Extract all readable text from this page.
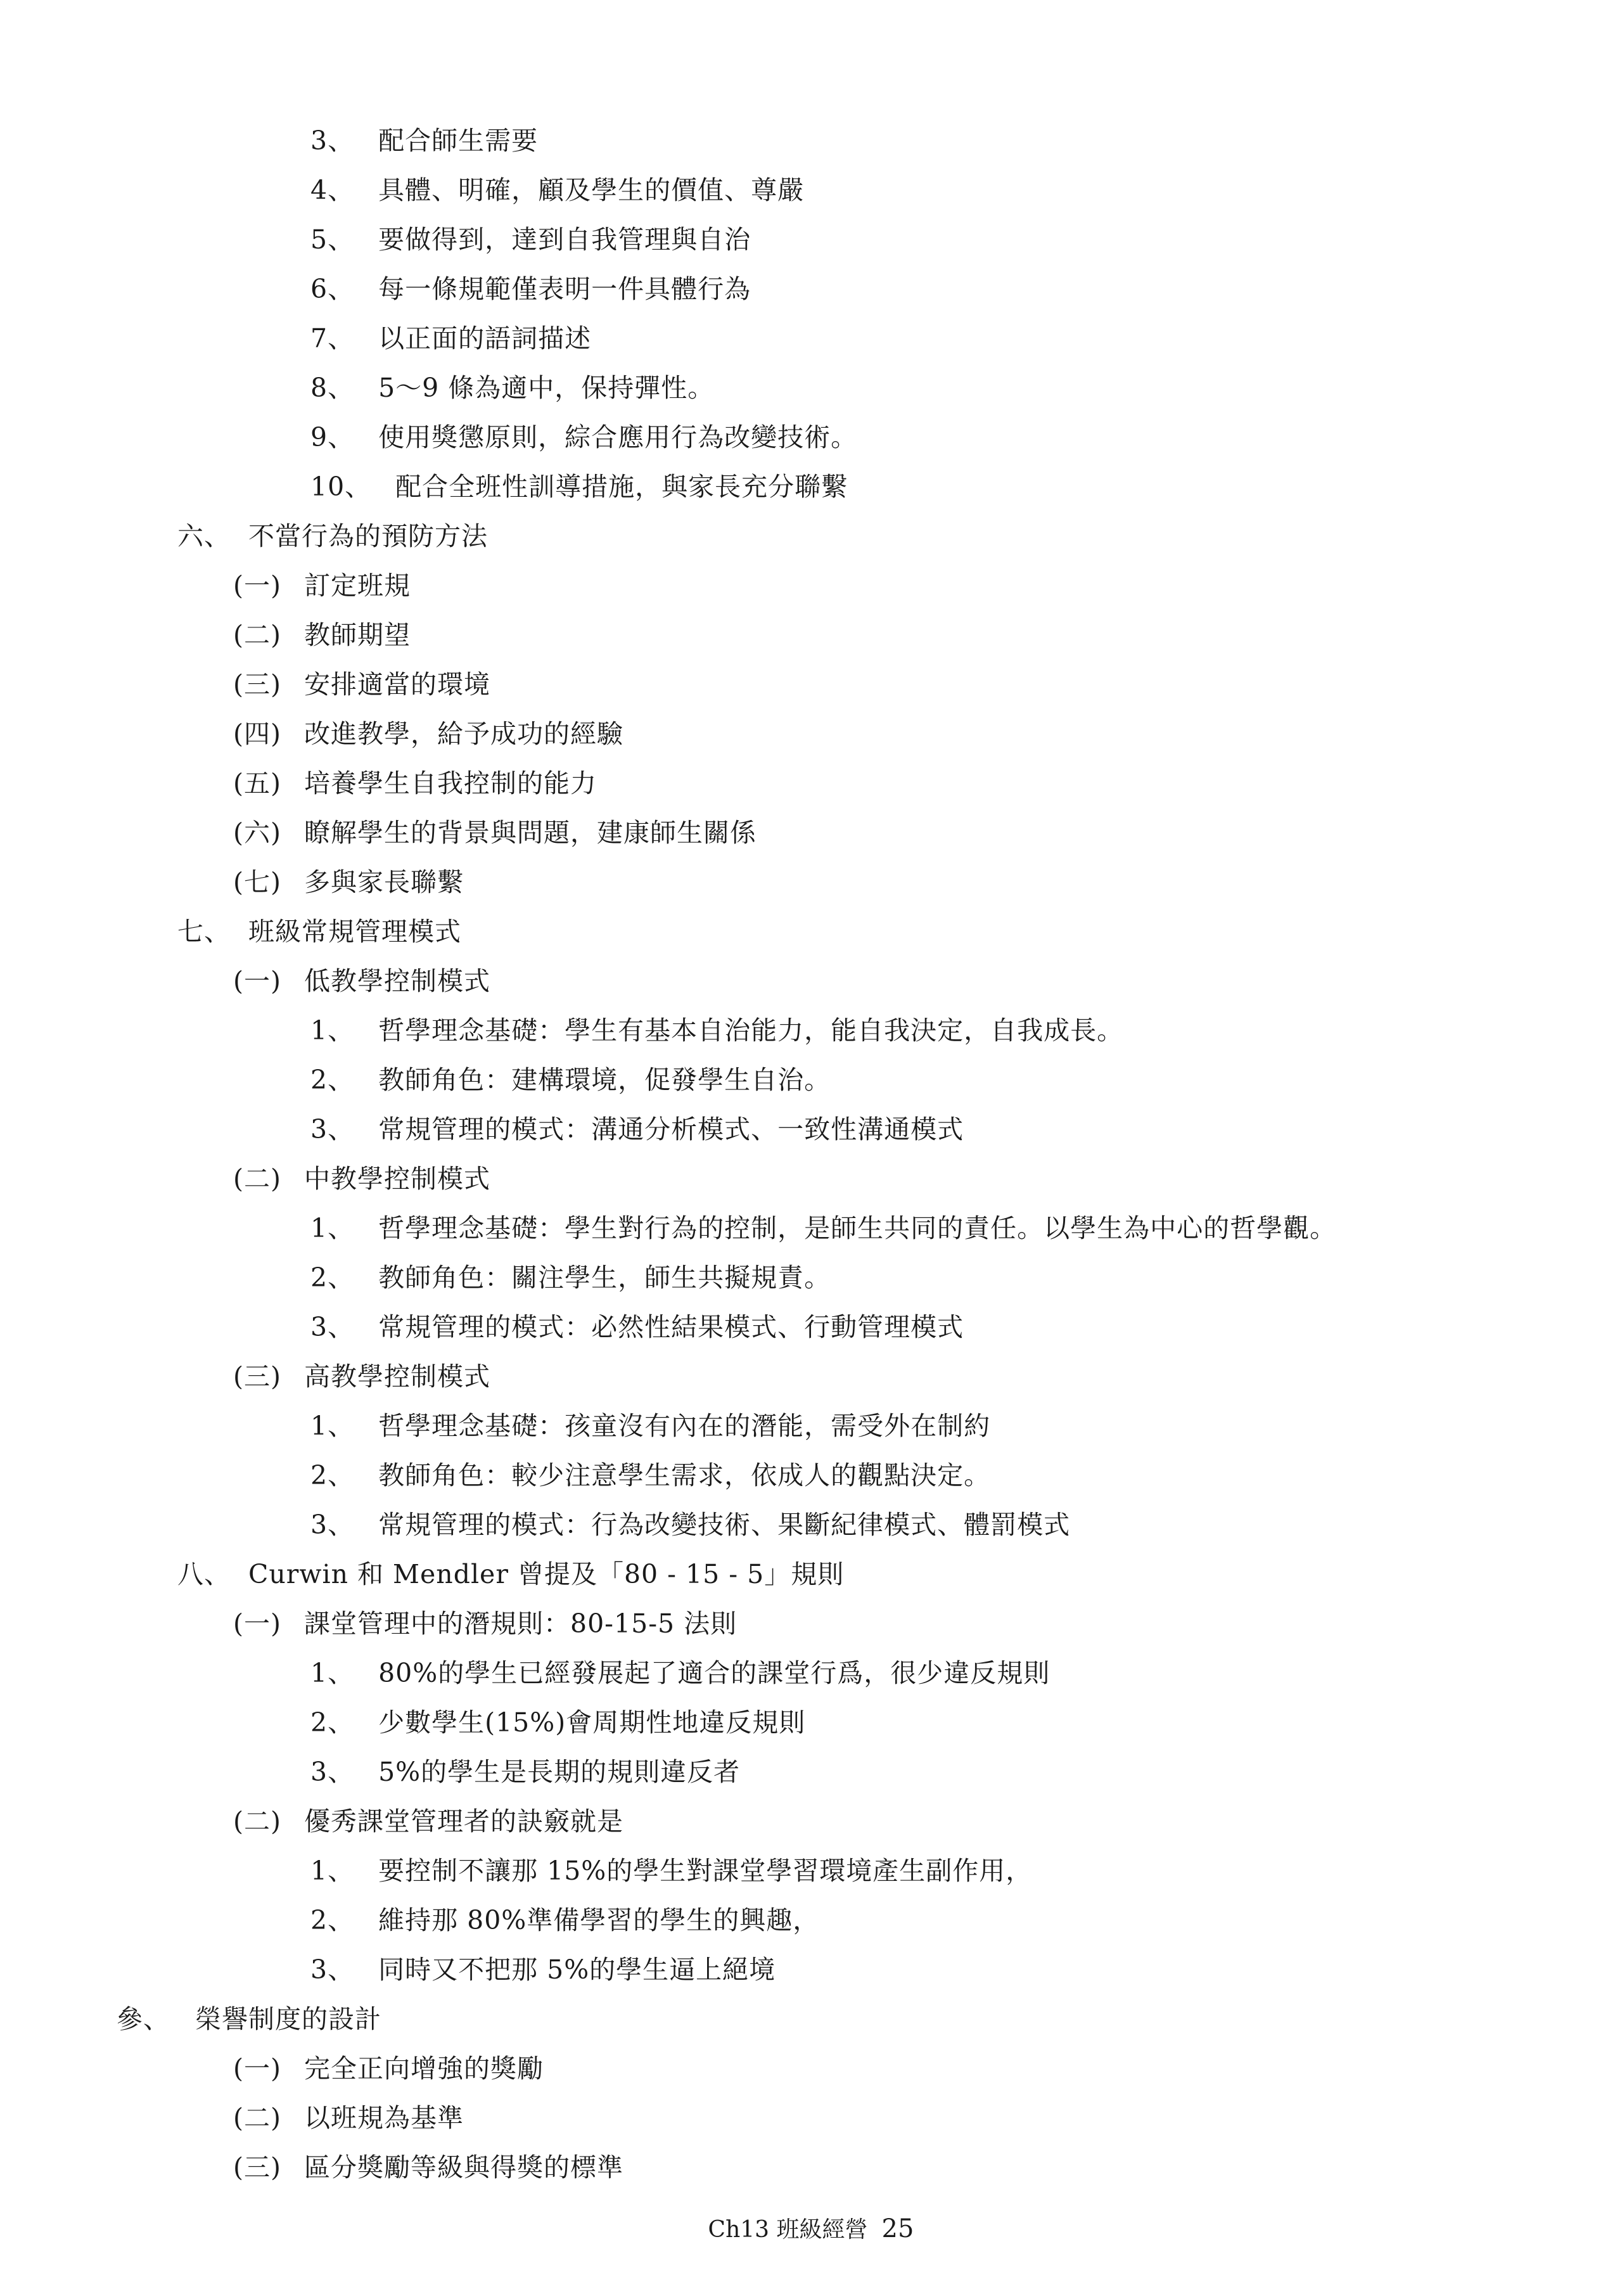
3、 配合師生需要
4、 具體、明確，顧及學生的價值、尊嚴
5、 要做得到，達到自我管理與自治
6、 每一條規範僅表明一件具體行為
7、 以正面的語詞描述
8、 5～9 條為適中，保持彈性。
9、 使用獎懲原則，綜合應用行為改變技術。
10、 配合全班性訓導措施，與家長充分聯繫
六、 不當行為的預防方法
(一) 訂定班規
(二) 教師期望
(三) 安排適當的環境
(四) 改進教學，給予成功的經驗
(五) 培養學生自我控制的能力
(六) 瞭解學生的背景與問題，建康師生關係
(七) 多與家長聯繫
七、 班級常規管理模式
(一) 低教學控制模式
1、 哲學理念基礎：學生有基本自治能力，能自我決定，自我成長。
2、 教師角色：建構環境，促發學生自治。
3、 常規管理的模式：溝通分析模式、一致性溝通模式
(二) 中教學控制模式
1、 哲學理念基礎：學生對行為的控制，是師生共同的責任。以學生為中心的哲學觀。
2、 教師角色：關注學生，師生共擬規責。
3、 常規管理的模式：必然性結果模式、行動管理模式
(三) 高教學控制模式
1、 哲學理念基礎：孩童沒有內在的潛能，需受外在制約
2、 教師角色：較少注意學生需求，依成人的觀點決定。
3、 常規管理的模式：行為改變技術、果斷紀律模式、體罰模式
八、 Curwin 和 Mendler 曾提及「80 - 15 - 5」規則
(一) 課堂管理中的潛規則：80-15-5 法則
1、 80%的學生已經發展起了適合的課堂行爲，很少違反規則
2、 少數學生(15%)會周期性地違反規則
3、 5%的學生是長期的規則違反者
(二) 優秀課堂管理者的訣竅就是
1、 要控制不讓那 15%的學生對課堂學習環境產生副作用，
2、 維持那 80%準備學習的學生的興趣，
3、 同時又不把那 5%的學生逼上絕境
參、 榮譽制度的設計
(一) 完全正向增強的獎勵
(二) 以班規為基準
(三) 區分獎勵等級與得獎的標準
Ch13 班級經營 25
